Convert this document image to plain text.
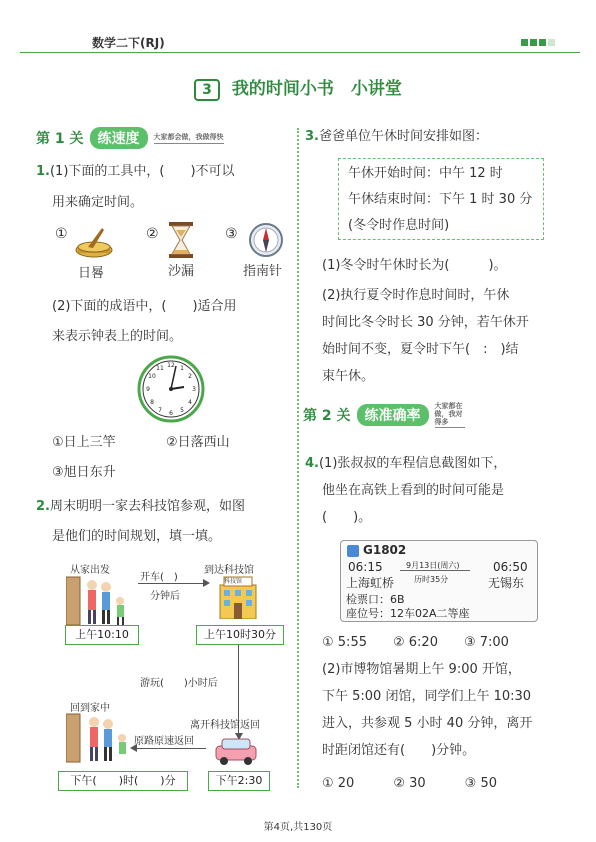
数学二下(RJ)
3 我的时间小书　小讲堂
第 1 关	练速度	大家都会做，我做得快
1.(1)下面的工具中，(　　)不可以
用来确定时间。
①
日晷
②
沙漏
③
指南针
(2)下面的成语中，(　　)适合用
来表示钟表上的时间。
12 1
2
3
4
5
6
7
8
9
10
11
①日上三竿	②日落西山
③旭日东升
2.周末明明一家去科技馆参观，如图
是他们的时间规划，填一填。
从家出发
上午10:10
开车(　)
分钟后
到达科技馆
科技馆
上午10时30分
游玩(　　)小时后
回到家中
下午(　　)时(　　)分
离开科技馆返回
原路原速返回
下午2:30
3.爸爸单位午休时间安排如图：
午休开始时间：中午 12 时
午休结束时间：下午 1 时 30 分
(冬令时作息时间)
(1)冬令时午休时长为(　　　)。
(2)执行夏令时作息时间时，午休
时间比冬令时长 30 分钟，若午休开
始时间不变，夏令时下午(　:　)结
束午休。
第 2 关	练准确率
大家都在做，我对得多
4.(1)张叔叔的车程信息截图如下，
他坐在高铁上看到的时间可能是
(　　)。
G1802
06:15	9月13日(周六)	06:50
上海虹桥 历时35分	无锡东
检票口：6B
座位号：12车02A二等座
① 5:55　　② 6:20　　③ 7:00
(2)市博物馆暑期上午 9:00 开馆，
下午 5:00 闭馆，同学们上午 10:30
进入，共参观 5 小时 40 分钟，离开
时距闭馆还有(　　)分钟。
① 20　　　② 30　　　③ 50
第4页,共130页
